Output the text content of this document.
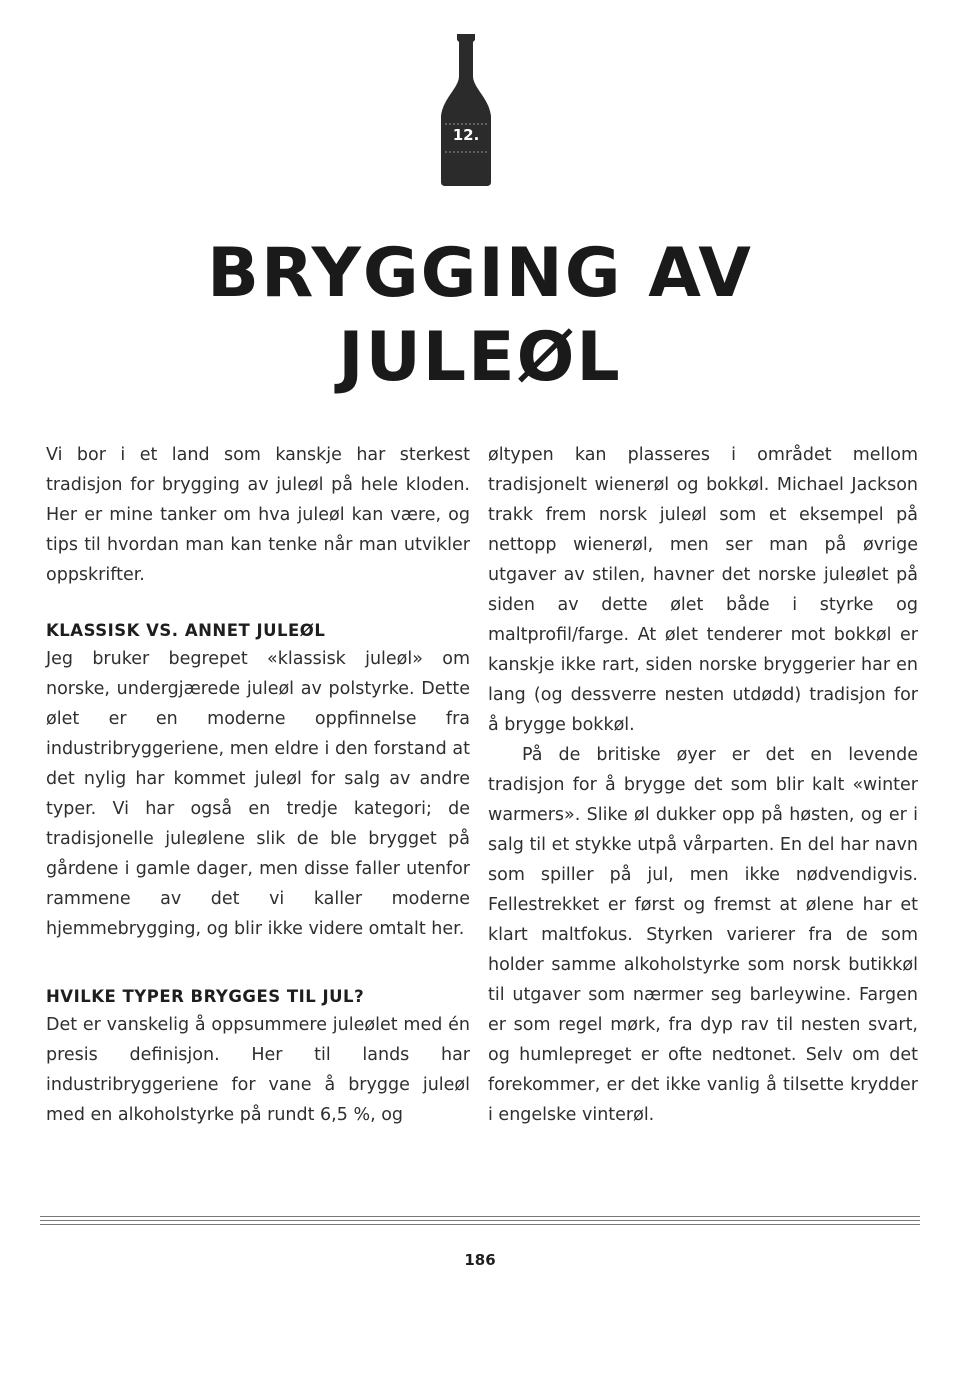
12.
BRYGGING AV
JULEØL

Vi bor i et land som kanskje har sterkest tradisjon for brygging av juleøl på hele kloden. Her er mine tanker om hva juleøl kan være, og tips til hvordan man kan tenke når man utvikler oppskrifter.

KLASSISK VS. ANNET JULEØL

Jeg bruker begrepet «klassisk juleøl» om norske, undergjærede juleøl av polstyrke. Dette ølet er en moderne oppfinnelse fra industribryggeriene, men eldre i den forstand at det nylig har kommet juleøl for salg av andre typer. Vi har også en tredje kategori; de tradisjonelle juleølene slik de ble brygget på gårdene i gamle dager, men disse faller utenfor rammene av det vi kaller moderne hjemmebrygging, og blir ikke videre omtalt her.

HVILKE TYPER BRYGGES TIL JUL?

Det er vanskelig å oppsummere juleølet med én presis definisjon. Her til lands har industribryggeriene for vane å brygge juleøl med en alkoholstyrke på rundt 6,5 %, og

øltypen kan plasseres i området mellom tradisjonelt wienerøl og bokkøl. Michael Jackson trakk frem norsk juleøl som et eksempel på nettopp wienerøl, men ser man på øvrige utgaver av stilen, havner det norske juleølet på siden av dette ølet både i styrke og maltprofil/farge. At ølet tenderer mot bokkøl er kanskje ikke rart, siden norske bryggerier har en lang (og dessverre nesten utdødd) tradisjon for å brygge bokkøl.

På de britiske øyer er det en levende tradisjon for å brygge det som blir kalt «winter warmers». Slike øl dukker opp på høsten, og er i salg til et stykke utpå vårparten. En del har navn som spiller på jul, men ikke nødvendigvis. Fellestrekket er først og fremst at ølene har et klart maltfokus. Styrken varierer fra de som holder samme alkoholstyrke som norsk butikkøl til utgaver som nærmer seg barleywine. Fargen er som regel mørk, fra dyp rav til nesten svart, og humlepreget er ofte nedtonet. Selv om det forekommer, er det ikke vanlig å tilsette krydder i engelske vinterøl.

186
